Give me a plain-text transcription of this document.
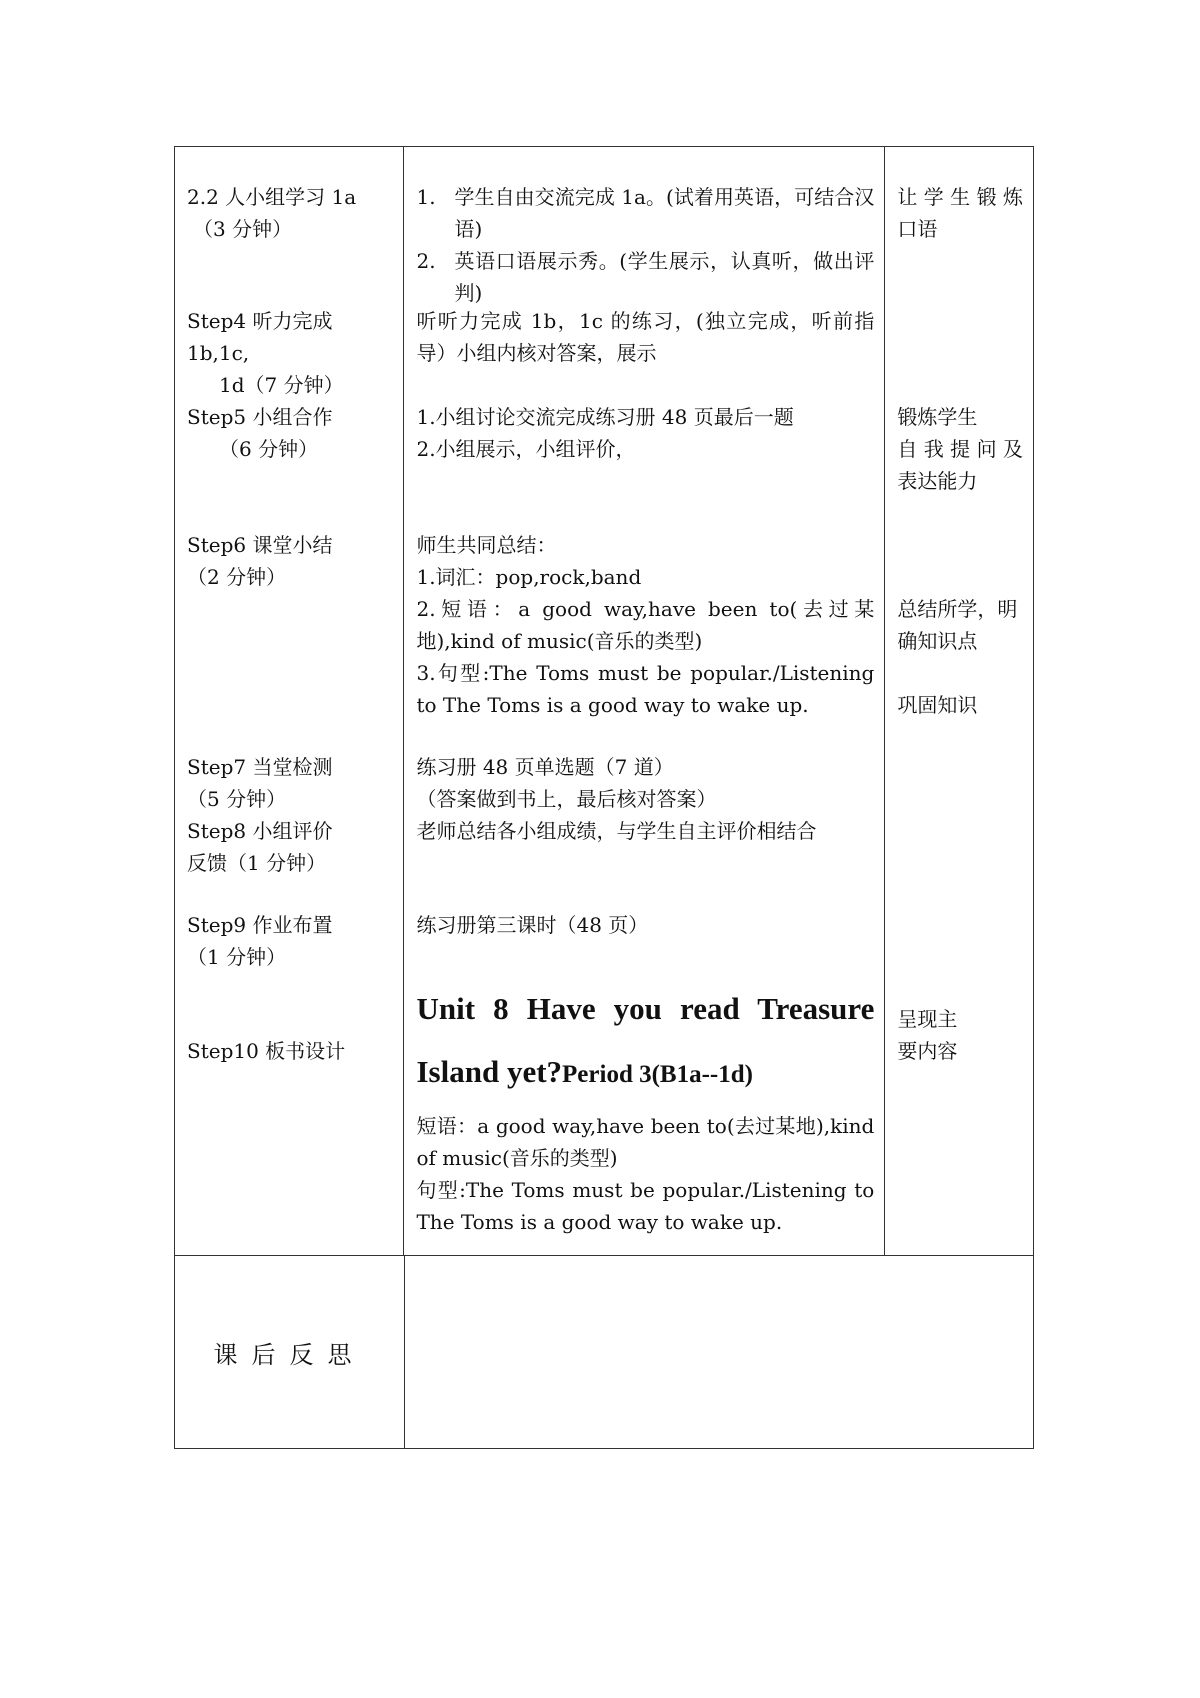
2.2 人小组学习 1a
（3 分钟）
Step4 听力完成 1b,1c,
1d（7 分钟）
Step5 小组合作
（6 分钟）
Step6 课堂小结
（2 分钟）
Step7 当堂检测
（5 分钟）
Step8 小组评价
反馈（1 分钟）
Step9 作业布置
（1 分钟）
Step10 板书设计
1. 学生自由交流完成 1a。(试着用英语，可结合汉语)
2. 英语口语展示秀。(学生展示，认真听，做出评判)
听听力完成 1b，1c 的练习，(独立完成，听前指导）小组内核对答案，展示
1.小组讨论交流完成练习册 48 页最后一题
2.小组展示，小组评价，
师生共同总结：
1.词汇：pop,rock,band
2.短语：a good way,have been to(去过某地),kind of music(音乐的类型)
3.句型:The Toms must be popular./Listening to The Toms is a good way to wake up.
练习册 48 页单选题（7 道）
（答案做到书上，最后核对答案）
老师总结各小组成绩，与学生自主评价相结合
练习册第三课时（48 页）
Unit 8 Have you read Treasure
Island yet?Period 3(B1a--1d)
短语：a good way,have been to(去过某地),kind of music(音乐的类型)
句型:The Toms must be popular./Listening to The Toms is a good way to wake up.
让学生锻炼
口语
锻炼学生
自我提问及
表达能力
总结所学，明
确知识点
巩固知识
呈现主
要内容
课后反思
